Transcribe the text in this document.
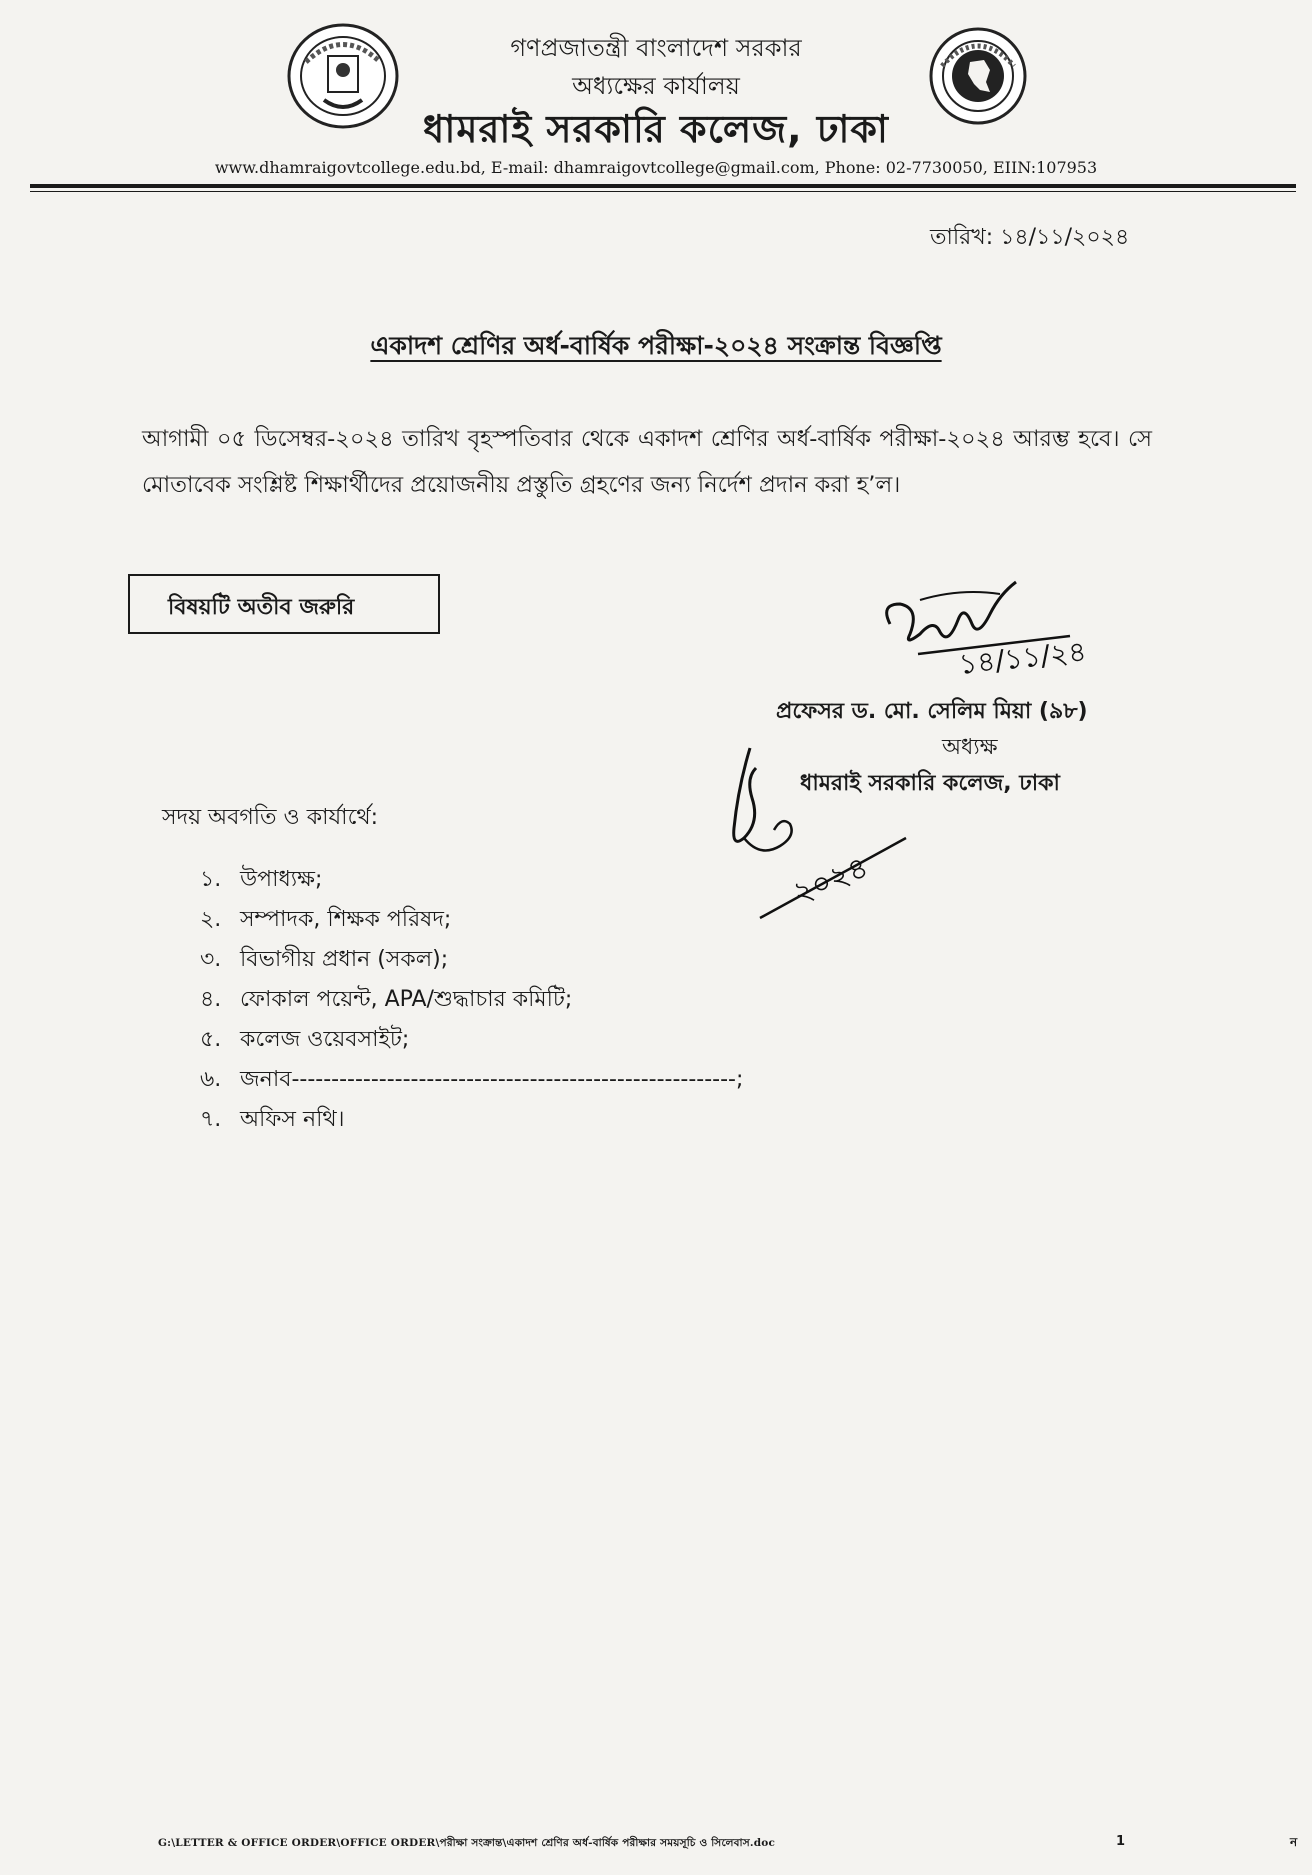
গণপ্রজাতন্ত্রী বাংলাদেশ সরকার
অধ্যক্ষের কার্যালয়
ধামরাই সরকারি কলেজ, ঢাকা
www.dhamraigovtcollege.edu.bd, E-mail: dhamraigovtcollege@gmail.com, Phone: 02-7730050, EIIN:107953
তারিখ: ১৪/১১/২০২৪
একাদশ শ্রেণির অর্ধ-বার্ষিক পরীক্ষা-২০২৪ সংক্রান্ত বিজ্ঞপ্তি
আগামী ০৫ ডিসেম্বর-২০২৪ তারিখ বৃহস্পতিবার থেকে একাদশ শ্রেণির অর্ধ-বার্ষিক পরীক্ষা-২০২৪ আরম্ভ হবে। সে মোতাবেক সংশ্লিষ্ট শিক্ষার্থীদের প্রয়োজনীয় প্রস্তুতি গ্রহণের জন্য নির্দেশ প্রদান করা হ’ল।
বিষয়টি অতীব জরুরি
১৪/১১/২৪
প্রফেসর ড. মো. সেলিম মিয়া (৯৮)
অধ্যক্ষ
ধামরাই সরকারি কলেজ, ঢাকা
২০২৪
সদয় অবগতি ও কার্যার্থে:
১. উপাধ্যক্ষ;
২. সম্পাদক, শিক্ষক পরিষদ;
৩. বিভাগীয় প্রধান (সকল);
৪. ফোকাল পয়েন্ট, APA/শুদ্ধাচার কমিটি;
৫. কলেজ ওয়েবসাইট;
৬. জনাব--------------------------------------------------------;
৭. অফিস নথি।
G:\LETTER & OFFICE ORDER\OFFICE ORDER\পরীক্ষা সংক্রান্ত\একাদশ শ্রেণির অর্ধ-বার্ষিক পরীক্ষার সময়সূচি ও সিলেবাস.doc	1	ন
